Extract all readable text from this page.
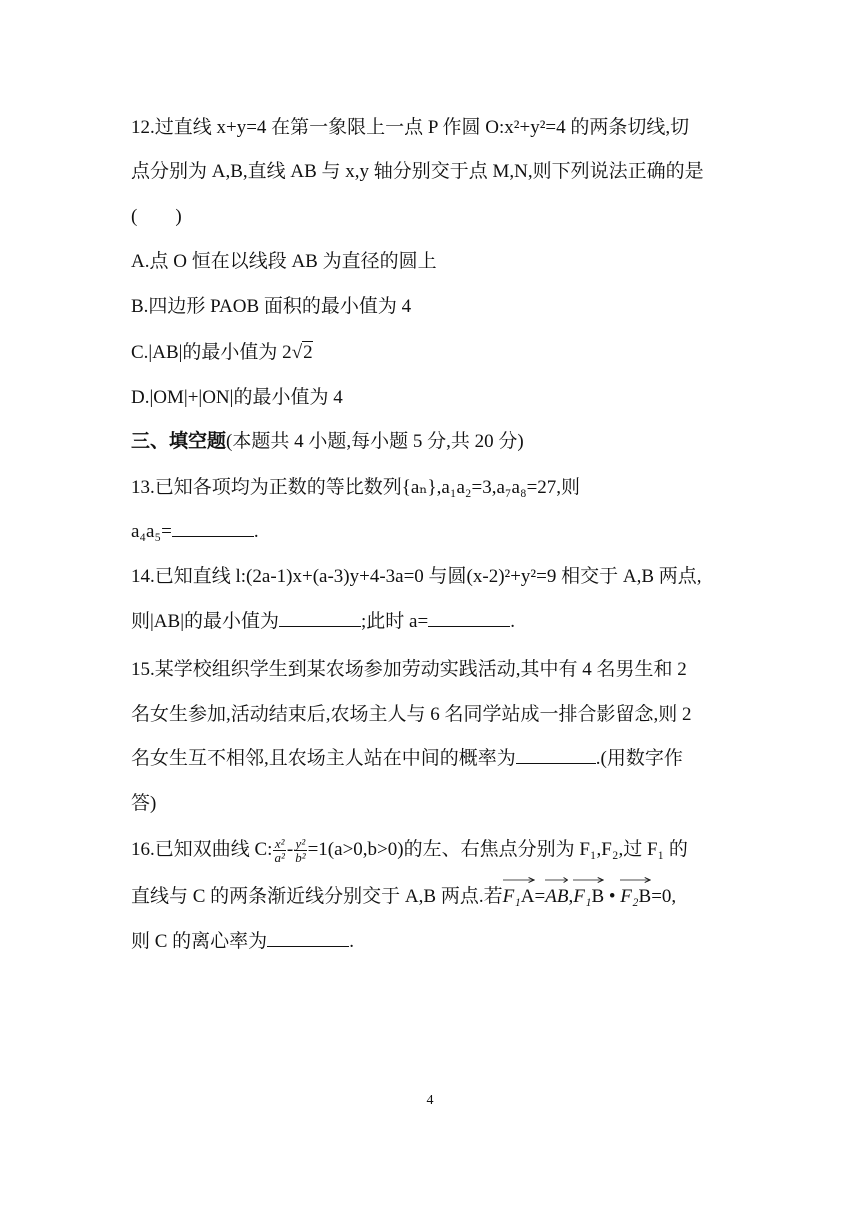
12.过直线 x+y=4 在第一象限上一点 P 作圆 O:x²+y²=4 的两条切线,切
点分别为 A,B,直线 AB 与 x,y 轴分别交于点 M,N,则下列说法正确的是
(　　)
A.点 O 恒在以线段 AB 为直径的圆上
B.四边形 PAOB 面积的最小值为 4
C.|AB|的最小值为 2√2
D.|OM|+|ON|的最小值为 4
三、填空题(本题共 4 小题,每小题 5 分,共 20 分)
13.已知各项均为正数的等比数列{aₙ},a₁a₂=3,a₇a₈=27,则
a₄a₅=	.
14.已知直线 l:(2a-1)x+(a-3)y+4-3a=0 与圆(x-2)²+y²=9 相交于 A,B 两点,
则|AB|的最小值为	;此时 a=	.
15.某学校组织学生到某农场参加劳动实践活动,其中有 4 名男生和 2
名女生参加,活动结束后,农场主人与 6 名同学站成一排合影留念,则 2
名女生互不相邻,且农场主人站在中间的概率为	.(用数字作
答)
16.已知双曲线 C: $\frac{\text{x²}}{\text{a²}} - \frac{\text{y²}}{\text{b²}} =1(a>0,b>0)$的左、右焦点分别为 F₁,F₂,过 F₁ 的
直线与 C 的两条渐近线分别交于 A,B 两点.若
F₁A=
AB,
F₁B •
F₂B=0,
则 C 的离心率为	.
4
